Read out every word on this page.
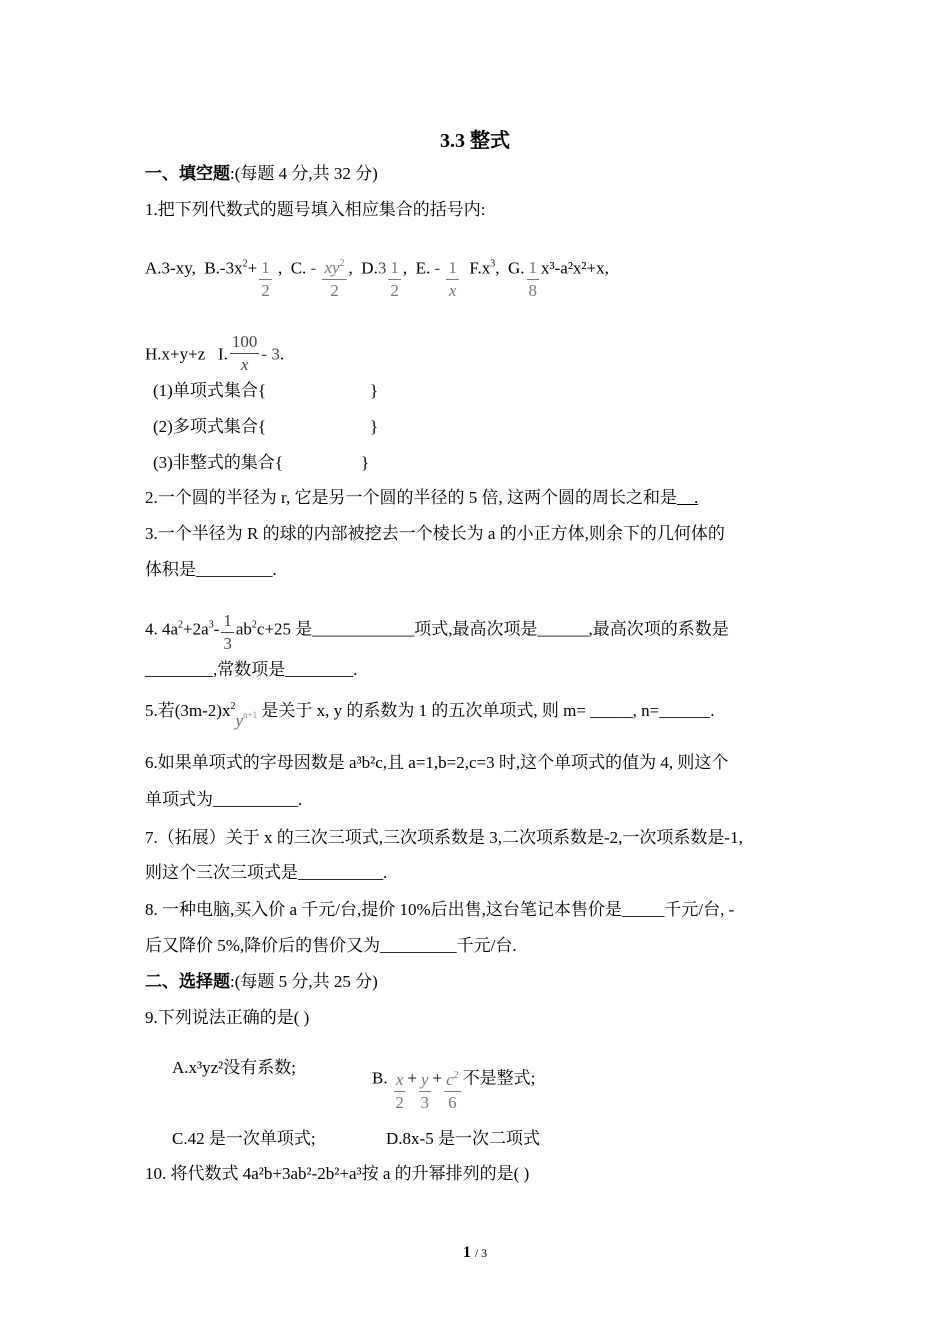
3.3 整式
一、填空题:(每题 4 分,共 32 分)
1.把下列代数式的题号填入相应集合的括号内:
A.3-xy, $B.-3x^2+ \frac{1}{2}$ , C. - $\frac{xy^2}{2}$ ,  $D.3 \frac{1}{2}$ ,  E. - $\frac{1}{x} F.x^3$,  G. $\frac{1}{8} x^3-a^2x^2+x$,
H.x+y+z I. $\frac{100}{x} - 3$.
(1)单项式集合{	}
(2)多项式集合{	}
(3)非整式的集合{	}
2.一个圆的半径为 r, 它是另一个圆的半径的 5 倍, 这两个圆的周长之和是__.
3.一个半径为 R 的球的内部被挖去一个棱长为 a 的小正方体,则余下的几何体的
体积是_________.
4. $4a^2+2a^3- \frac{1}{3} ab^2c+25$ 是____________项式,最高次项是______,最高次项的系数是
________,常数项是________.
5.若$(3m-2)x^2y^{n+1}$ 是关于 x, y 的系数为 1 的五次单项式, 则 m= _____, n=______.
6.如果单项式的字母因数是 a³b²c,且 a=1,b=2,c=3 时,这个单项式的值为 4, 则这个
单项式为__________.
7.（拓展）关于 x 的三次三项式,三次项系数是 3,二次项系数是-2,一次项系数是-1,
则这个三次三项式是__________.
8. 一种电脑,买入价 a 千元/台,提价 10%后出售,这台笔记本售价是_____千元/台, -
后又降价 5%,降价后的售价又为_________千元/台.
二、选择题:(每题 5 分,共 25 分)
9.下列说法正确的是( )
A.x³yz²没有系数;
B. $\frac{x}{2} + \frac{y}{3} + \frac{c^2}{6}$ 不是整式;
C.42 是一次单项式;	D.8x-5 是一次二项式
10. 将代数式 4a²b+3ab²-2b²+a³按 a 的升幂排列的是( )
1 / 3
